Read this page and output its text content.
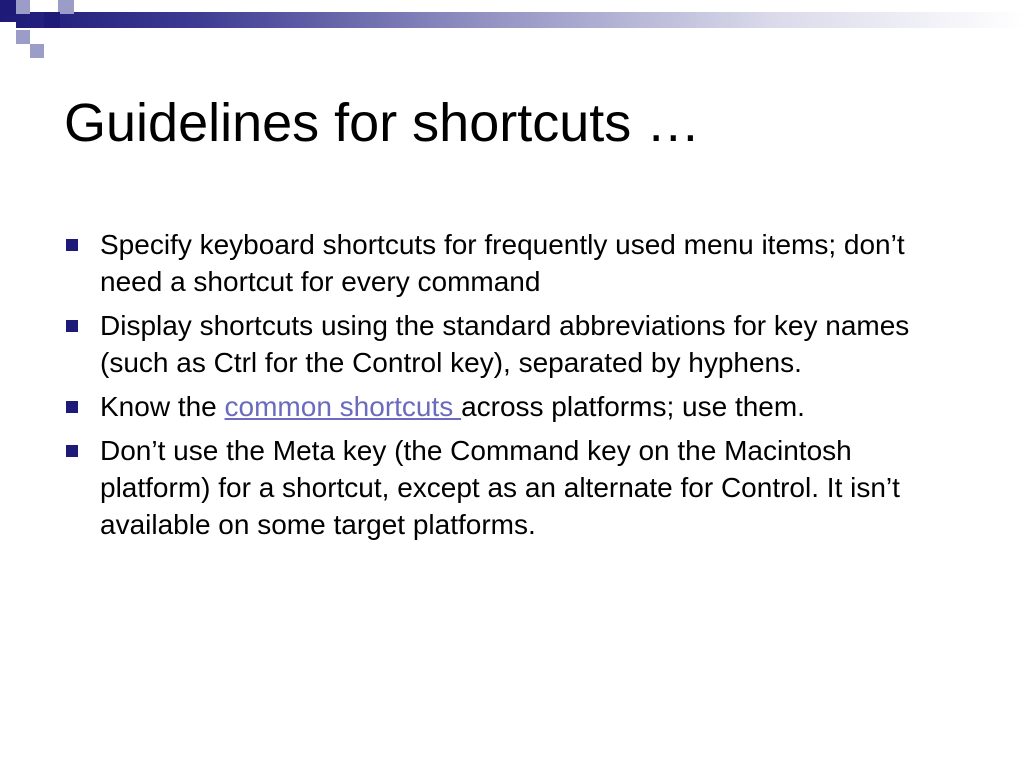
Guidelines for shortcuts …
Specify keyboard shortcuts for frequently used menu items; don’t need a shortcut for every command
Display shortcuts using the standard abbreviations for key names (such as Ctrl for the Control key), separated by hyphens.
Know the common shortcuts across platforms; use them.
Don’t use the Meta key (the Command key on the Macintosh platform) for a shortcut, except as an alternate for Control. It isn’t available on some target platforms.
